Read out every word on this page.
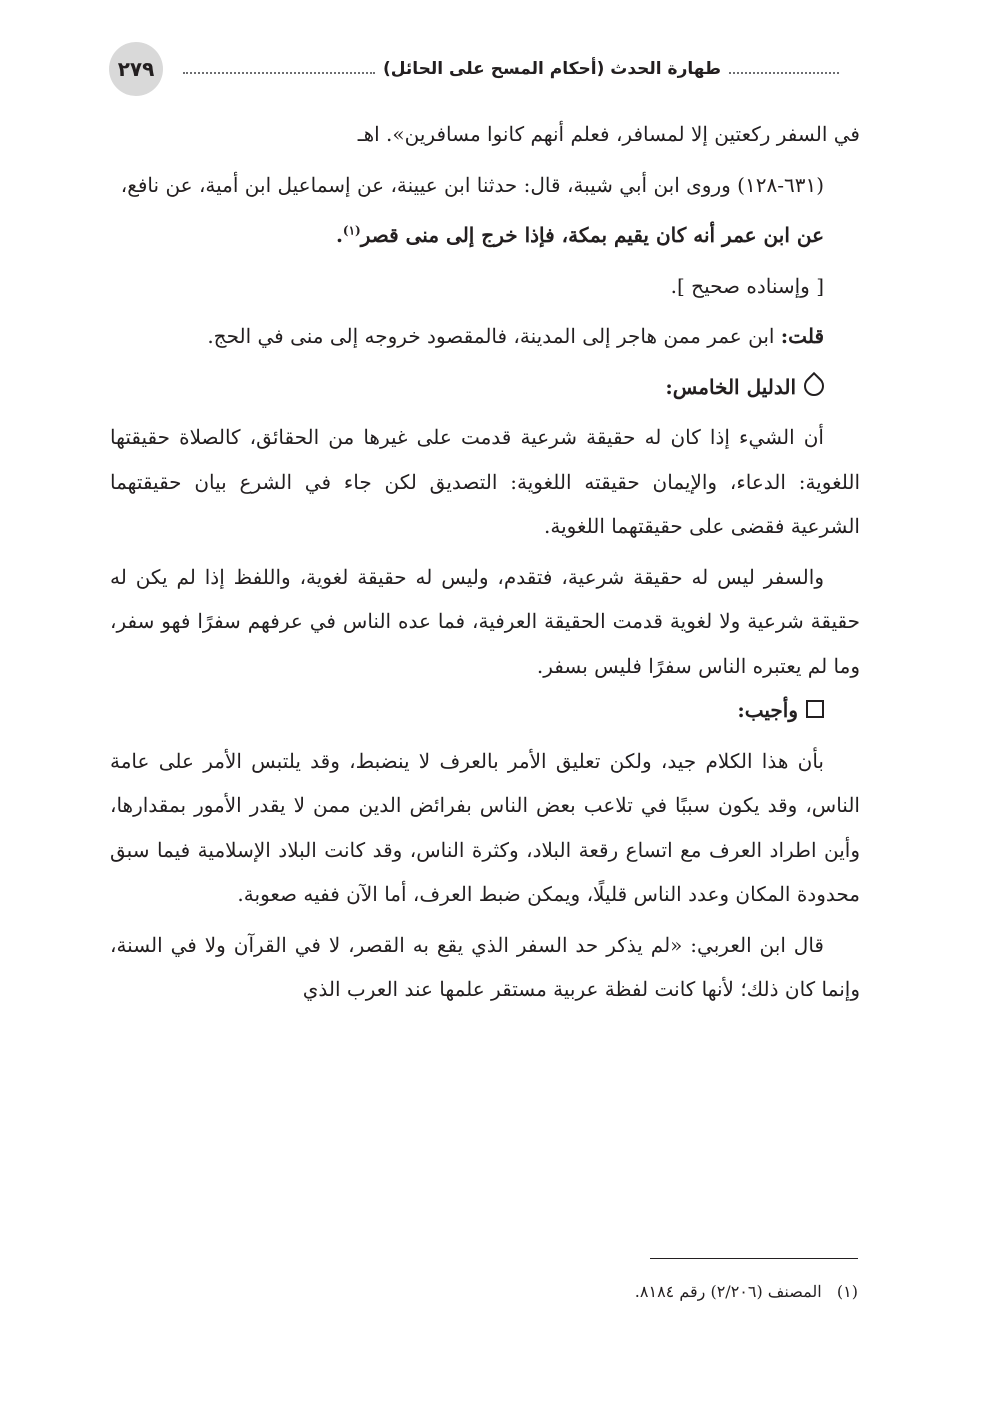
٢٧٩	طهارة الحدث (أحكام المسح على الحائل)

في السفر ركعتين إلا لمسافر، فعلم أنهم كانوا مسافرين». اهـ

(٦٣١-١٢٨) وروى ابن أبي شيبة، قال: حدثنا ابن عيينة، عن إسماعيل ابن أمية، عن نافع،

عن ابن عمر أنه كان يقيم بمكة، فإذا خرج إلى منى قصر$^{(١)}$.

[ وإسناده صحيح ].

قلت: ابن عمر ممن هاجر إلى المدينة، فالمقصود خروجه إلى منى في الحج.

الدليل الخامس:

أن الشيء إذا كان له حقيقة شرعية قدمت على غيرها من الحقائق، كالصلاة حقيقتها اللغوية: الدعاء، والإيمان حقيقته اللغوية: التصديق لكن جاء في الشرع بيان حقيقتهما الشرعية فقضى على حقيقتهما اللغوية.

والسفر ليس له حقيقة شرعية، فتقدم، وليس له حقيقة لغوية، واللفظ إذا لم يكن له حقيقة شرعية ولا لغوية قدمت الحقيقة العرفية، فما عده الناس في عرفهم سفرًا فهو سفر، وما لم يعتبره الناس سفرًا فليس بسفر.

وأجيب:

بأن هذا الكلام جيد، ولكن تعليق الأمر بالعرف لا ينضبط، وقد يلتبس الأمر على عامة الناس، وقد يكون سببًا في تلاعب بعض الناس بفرائض الدين ممن لا يقدر الأمور بمقدارها، وأين اطراد العرف مع اتساع رقعة البلاد، وكثرة الناس، وقد كانت البلاد الإسلامية فيما سبق محدودة المكان وعدد الناس قليلًا، ويمكن ضبط العرف، أما الآن ففيه صعوبة.

قال ابن العربي: «لم يذكر حد السفر الذي يقع به القصر، لا في القرآن ولا في السنة، وإنما كان ذلك؛ لأنها كانت لفظة عربية مستقر علمها عند العرب الذي

(١)   المصنف (٢/٢٠٦) رقم ٨١٨٤.
